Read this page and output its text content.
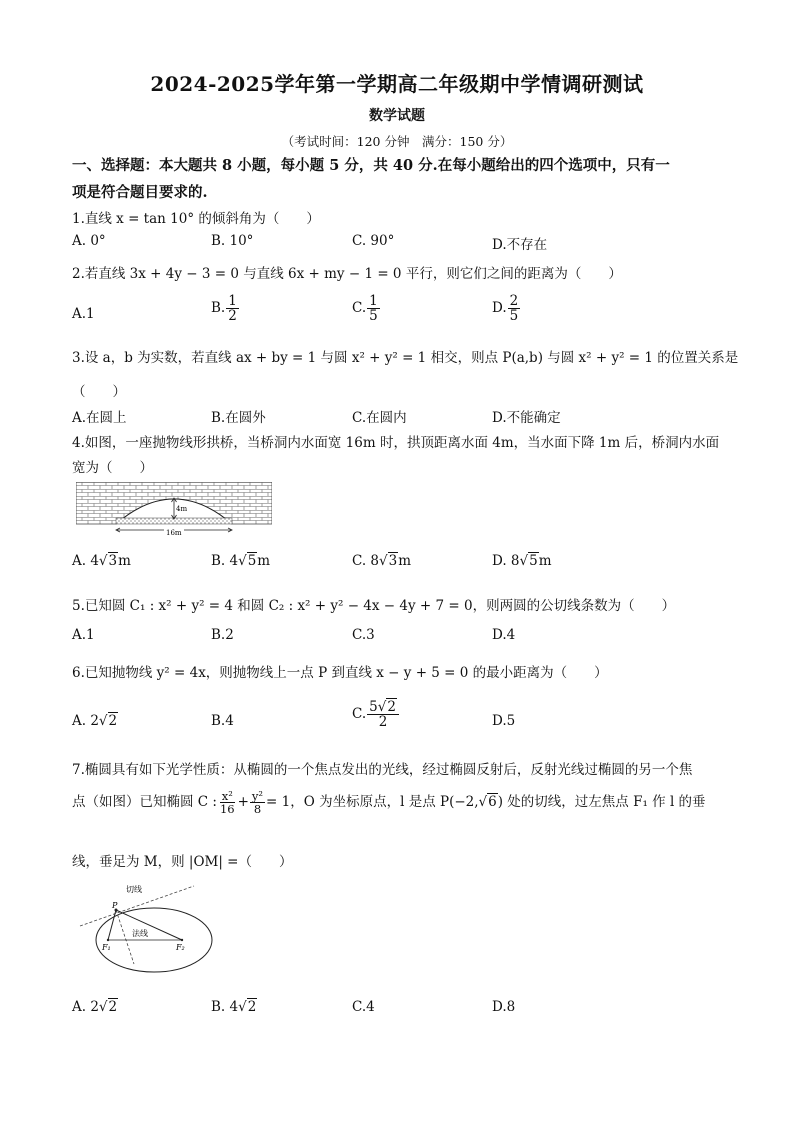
2024-2025学年第一学期高二年级期中学情调研测试
数学试题
（考试时间：120 分钟　满分：150 分）
一、选择题：本大题共 8 小题，每小题 5 分，共 40 分.在每小题给出的四个选项中，只有一
项是符合题目要求的.
1.直线 x = tan 10° 的倾斜角为（　　）
A. 0°	B. 10°	C. 90°	D.不存在
2.若直线 3x + 4y − 3 = 0 与直线 6x + my − 1 = 0 平行，则它们之间的距离为（　　）
A.1	B. $\frac{1}{2}$	C. $\frac{1}{5}$	D. $\frac{2}{5}$
3.设 a，b 为实数，若直线 ax + by = 1 与圆 x² + y² = 1 相交，则点 P(a,b) 与圆 x² + y² = 1 的位置关系是
（　　）
A.在圆上	B.在圆外	C.在圆内	D.不能确定
4.如图，一座抛物线形拱桥，当桥洞内水面宽 16m 时，拱顶距离水面 4m，当水面下降 1m 后，桥洞内水面
宽为（　　）
4m
16m
A. 4√3m	B. 4√5m	C. 8√3m	D. 8√5m
5.已知圆 C₁ : x² + y² = 4 和圆 C₂ : x² + y² − 4x − 4y + 7 = 0，则两圆的公切线条数为（　　）
A.1	B.2	C.3	D.4
6.已知抛物线 y² = 4x，则抛物线上一点 P 到直线 x − y + 5 = 0 的最小距离为（　　）
A. 2√2	B.4	C. $\frac{5√2}{2}$	D.5
7.椭圆具有如下光学性质：从椭圆的一个焦点发出的光线，经过椭圆反射后，反射光线过椭圆的另一个焦
点（如图）已知椭圆 C : $\frac{\text{x²}}{16} + \frac{\text{y²}}{8} = 1$，O 为坐标原点，l 是点 P(−2,√6) 处的切线，过左焦点 F₁ 作 l 的垂
线，垂足为 M，则 |OM| =（　　）
切线
法线
P
F₁	F₂
A. 2√2	B. 4√2	C.4	D.8
